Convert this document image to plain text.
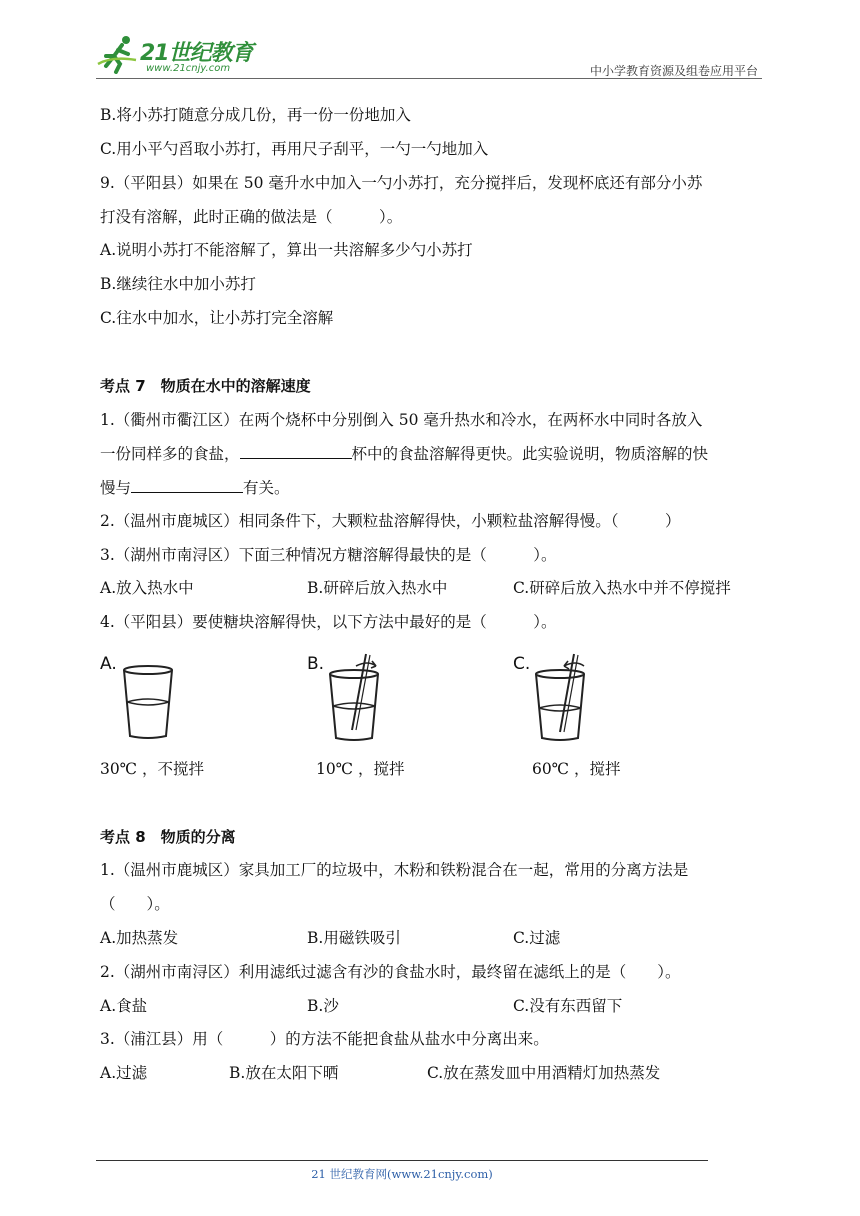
21世纪教育
www.21cnjy.com	中小学教育资源及组卷应用平台
B.将小苏打随意分成几份，再一份一份地加入
C.用小平勺舀取小苏打，再用尺子刮平，一勺一勺地加入
9.（平阳县）如果在 50 毫升水中加入一勺小苏打，充分搅拌后，发现杯底还有部分小苏
打没有溶解，此时正确的做法是（　　　）。
A.说明小苏打不能溶解了，算出一共溶解多少勺小苏打
B.继续往水中加小苏打
C.往水中加水，让小苏打完全溶解
考点 7　物质在水中的溶解速度
1.（衢州市衢江区）在两个烧杯中分别倒入 50 毫升热水和冷水，在两杯水中同时各放入
一份同样多的食盐，	杯中的食盐溶解得更快。此实验说明，物质溶解的快
慢与	有关。
2.（温州市鹿城区）相同条件下，大颗粒盐溶解得快，小颗粒盐溶解得慢。（　　　）
3.（湖州市南浔区）下面三种情况方糖溶解得最快的是（　　　）。
A.放入热水中	B.研碎后放入热水中	C.研碎后放入热水中并不停搅拌
4.（平阳县）要使糖块溶解得快，以下方法中最好的是（　　　）。
A.	B.	C.
30℃ ，不搅拌	10℃ ，搅拌	60℃ ，搅拌
考点 8　物质的分离
1.（温州市鹿城区）家具加工厂的垃圾中，木粉和铁粉混合在一起，常用的分离方法是
（　　）。
A.加热蒸发	B.用磁铁吸引	C.过滤
2.（湖州市南浔区）利用滤纸过滤含有沙的食盐水时，最终留在滤纸上的是（　　）。
A.食盐	B.沙	C.没有东西留下
3.（浦江县）用（　　　）的方法不能把食盐从盐水中分离出来。
A.过滤	B.放在太阳下晒	C.放在蒸发皿中用酒精灯加热蒸发
21 世纪教育网(www.21cnjy.com)
